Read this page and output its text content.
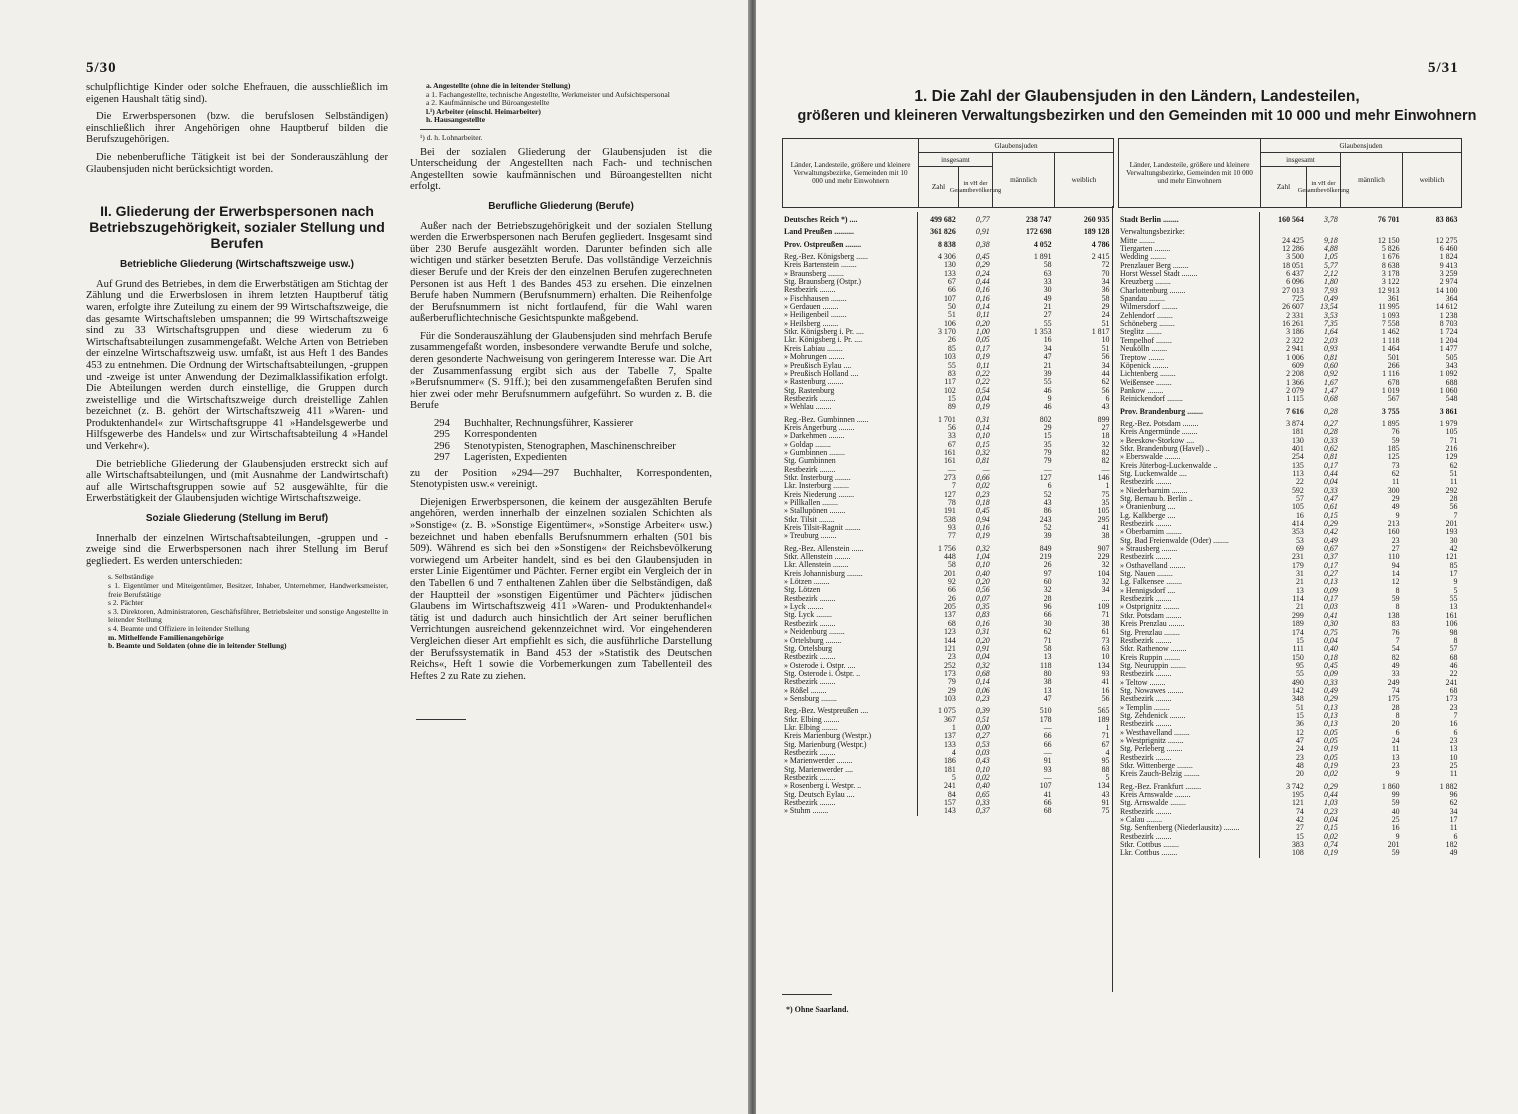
5/30

schulpflichtige Kinder oder solche Ehefrauen, die ausschließlich im eigenen Haushalt tätig sind).

Die Erwerbspersonen (bzw. die berufslosen Selbständigen) einschließlich ihrer Angehörigen ohne Hauptberuf bilden die Berufszugehörigen.

Die nebenberufliche Tätigkeit ist bei der Sonderauszählung der Glaubensjuden nicht berücksichtigt worden.

II. Gliederung der Erwerbspersonen nach Betriebszugehörigkeit, sozialer Stellung und Berufen
Betriebliche Gliederung (Wirtschaftszweige usw.)

Auf Grund des Betriebes, in dem die Erwerbstätigen am Stichtag der Zählung und die Erwerbslosen in ihrem letzten Hauptberuf tätig waren, erfolgte ihre Zuteilung zu einem der 99 Wirtschaftszweige, die das gesamte Wirtschaftsleben umspannen; die 99 Wirtschaftszweige sind zu 33 Wirtschaftsgruppen und diese wiederum zu 6 Wirtschaftsabteilungen zusammengefaßt. Welche Arten von Betrieben der einzelne Wirtschaftszweig usw. umfaßt, ist aus Heft 1 des Bandes 453 zu entnehmen. Die Ordnung der Wirtschaftsabteilungen, -gruppen und -zweige ist unter Anwendung der Dezimalklassifikation erfolgt. Die Abteilungen werden durch einstellige, die Gruppen durch zweistellige und die Wirtschaftszweige durch dreistellige Zahlen bezeichnet (z. B. gehört der Wirtschaftszweig 411 »Waren- und Produktenhandel« zur Wirtschaftsgruppe 41 »Handelsgewerbe und Hilfsgewerbe des Handels« und zur Wirtschaftsabteilung 4 »Handel und Verkehr«).

Die betriebliche Gliederung der Glaubensjuden erstreckt sich auf alle Wirtschaftsabteilungen, und (mit Ausnahme der Landwirtschaft) auf alle Wirtschaftsgruppen sowie auf 52 ausgewählte, für die Erwerbstätigkeit der Glaubensjuden wichtige Wirtschaftszweige.

Soziale Gliederung (Stellung im Beruf)

Innerhalb der einzelnen Wirtschaftsabteilungen, -gruppen und -zweige sind die Erwerbspersonen nach ihrer Stellung im Beruf gegliedert. Es werden unterschieden:

s. Selbständige
s 1. Eigentümer und Miteigentümer, Besitzer, Inhaber, Unternehmer, Handwerksmeister, freie Berufstätige
s 2. Pächter
s 3. Direktoren, Administratoren, Geschäftsführer, Betriebsleiter und sonstige Angestellte in leitender Stellung
s 4. Beamte und Offiziere in leitender Stellung
m. Mithelfende Familienangehörige
b. Beamte und Soldaten (ohne die in leitender Stellung)
a. Angestellte (ohne die in leitender Stellung)
a 1. Fachangestellte, technische Angestellte, Werkmeister und Aufsichtspersonal
a 2. Kaufmännische und Büroangestellte
l.¹) Arbeiter (einschl. Heimarbeiter)
h. Hausangestellte
¹) d. h. Lohnarbeiter.

Bei der sozialen Gliederung der Glaubensjuden ist die Unterscheidung der Angestellten nach Fach- und technischen Angestellten sowie kaufmännischen und Büroangestellten nicht erfolgt.

Berufliche Gliederung (Berufe)

Außer nach der Betriebszugehörigkeit und der sozialen Stellung werden die Erwerbspersonen nach Berufen gegliedert. Insgesamt sind über 230 Berufe ausgezählt worden. Darunter befinden sich alle wichtigen und stärker besetzten Berufe. Das vollständige Verzeichnis dieser Berufe und der Kreis der den einzelnen Berufen zugerechneten Personen ist aus Heft 1 des Bandes 453 zu ersehen. Die einzelnen Berufe haben Nummern (Berufsnummern) erhalten. Die Reihenfolge der Berufsnummern ist nicht fortlaufend, für die Wahl waren außerberuflichtechnische Gesichtspunkte maßgebend.

Für die Sonderauszählung der Glaubensjuden sind mehrfach Berufe zusammengefaßt worden, insbesondere verwandte Berufe und solche, deren gesonderte Nachweisung von geringerem Interesse war. Die Art der Zusammenfassung ergibt sich aus der Tabelle 7, Spalte »Berufsnummer« (S. 91ff.); bei den zusammengefaßten Berufen sind hier zwei oder mehr Berufsnummern aufgeführt. So wurden z. B. die Berufe

294	Buchhalter, Rechnungsführer, Kassierer
295	Korrespondenten
296	Stenotypisten, Stenographen, Maschinenschreiber
297	Lageristen, Expedienten

zu der Position »294—297 Buchhalter, Korrespondenten, Stenotypisten usw.« vereinigt.

Diejenigen Erwerbspersonen, die keinem der ausgezählten Berufe angehören, werden innerhalb der einzelnen sozialen Schichten als »Sonstige« (z. B. »Sonstige Eigentümer«, »Sonstige Arbeiter« usw.) bezeichnet und haben ebenfalls Berufsnummern erhalten (501 bis 509). Während es sich bei den »Sonstigen« der Reichsbevölkerung vorwiegend um Arbeiter handelt, sind es bei den Glaubensjuden in erster Linie Eigentümer und Pächter. Ferner ergibt ein Vergleich der in den Tabellen 6 und 7 enthaltenen Zahlen über die Selbständigen, daß der Hauptteil der »sonstigen Eigentümer und Pächter« jüdischen Glaubens im Wirtschaftszweig 411 »Waren- und Produktenhandel« tätig ist und dadurch auch hinsichtlich der Art seiner beruflichen Verrichtungen ausreichend gekennzeichnet wird. Vor eingehenderen Vergleichen dieser Art empfiehlt es sich, die ausführliche Darstellung der Berufssystematik in Band 453 der »Statistik des Deutschen Reichs«, Heft 1 sowie die Vorbemerkungen zum Tabellenteil des Heftes 2 zu Rate zu ziehen.

5/31
1. Die Zahl der Glaubensjuden in den Ländern, Landesteilen,
größeren und kleineren Verwaltungsbezirken und den Gemeinden mit 10 000 und mehr Einwohnern
Länder, Landesteile, größere und kleinere Verwaltungsbezirke, Gemeinden mit 10 000 und mehr Einwohnern
Glaubensjuden
insgesamt
Zahl	in vH der Gesamtbevölkerung
männlich	weiblich
Länder, Landesteile, größere und kleinere Verwaltungsbezirke, Gemeinden mit 10 000 und mehr Einwohnern
Glaubensjuden
insgesamt
Zahl	in vH der Gesamtbevölkerung
männlich	weiblich
Deutsches Reich *) ....	499 682	0,77	238 747	260 935
Land Preußen ..........	361 826	0,91	172 698	189 128
Prov. Ostpreußen ........	8 838	0,38	4 052	4 786
Reg.-Bez. Königsberg ......	4 306	0,45	1 891	2 415
Kreis Bartenstein ........	130	0,29	58	72
» Braunsberg ........	133	0,24	63	70
Stg. Braunsberg (Ostpr.)	67	0,44	33	34
Restbezirk ........	66	0,16	30	36
» Fischhausen ........	107	0,16	49	58
» Gerdauen ........	50	0,14	21	29
» Heiligenbeil ........	51	0,11	27	24
» Heilsberg ........	106	0,20	55	51
Stkr. Königsberg i. Pr. ....	3 170	1,00	1 353	1 817
Lkr. Königsberg i. Pr. ....	26	0,05	16	10
Kreis Labiau ........	85	0,17	34	51
» Mohrungen ........	103	0,19	47	56
» Preußisch Eylau ....	55	0,11	21	34
» Preußisch Holland ....	83	0,22	39	44
» Rastenburg ........	117	0,22	55	62
Stg. Rastenburg	102	0,54	46	56
Restbezirk ........	15	0,04	9	6
» Wehlau ........	89	0,19	46	43
Reg.-Bez. Gumbinnen ......	1 701	0,31	802	899
Kreis Angerburg ........	56	0,14	29	27
» Darkehmen ........	33	0,10	15	18
» Goldap ........	67	0,15	35	32
» Gumbinnen ........	161	0,32	79	82
Stg. Gumbinnen	161	0,81	79	82
Restbezirk ........	—	—	—	—
Stkr. Insterburg ........	273	0,66	127	146
Lkr. Insterburg ........	7	0,02	6	1
Kreis Niederung ........	127	0,23	52	75
» Pillkallen ........	78	0,18	43	35
» Stallupönen ........	191	0,45	86	105
Stkr. Tilsit ........	538	0,94	243	295
Kreis Tilsit-Ragnit ........	93	0,16	52	41
» Treuburg ........	77	0,19	39	38
Reg.-Bez. Allenstein ......	1 756	0,32	849	907
Stkr. Allenstein ........	448	1,04	219	229
Lkr. Allenstein ........	58	0,10	26	32
Kreis Johannisburg ........	201	0,40	97	104
» Lötzen ........	92	0,20	60	32
Stg. Lötzen	66	0,56	32	34
Restbezirk ........	26	0,07	28	....
» Lyck ........	205	0,35	96	109
Stg. Lyck ........	137	0,83	66	71
Restbezirk ........	68	0,16	30	38
» Neidenburg ........	123	0,31	62	61
» Ortelsburg ........	144	0,20	71	73
Stg. Ortelsburg	121	0,91	58	63
Restbezirk ........	23	0,04	13	10
» Osterode i. Ostpr. ....	252	0,32	118	134
Stg. Osterode i. Ostpr. ..	173	0,68	80	93
Restbezirk ........	79	0,14	38	41
» Rößel ........	29	0,06	13	16
» Sensburg ........	103	0,23	47	56
Reg.-Bez. Westpreußen ....	1 075	0,39	510	565
Stkr. Elbing ........	367	0,51	178	189
Lkr. Elbing ........	1	0,00	—	1
Kreis Marienburg (Westpr.)	137	0,27	66	71
Stg. Marienburg (Westpr.)	133	0,53	66	67
Restbezirk ........	4	0,03	—	4
» Marienwerder ........	186	0,43	91	95
Stg. Marienwerder ....	181	0,10	93	88
Restbezirk ........	5	0,02	—	5
» Rosenberg i. Westpr. ..	241	0,40	107	134
Stg. Deutsch Eylau ....	84	0,65	41	43
Restbezirk ........	157	0,33	66	91
» Stuhm ........	143	0,37	68	75
Stadt Berlin ........	160 564	3,78	76 701	83 863
Verwaltungsbezirke:				
Mitte ........	24 425	9,18	12 150	12 275
Tiergarten ........	12 286	4,88	5 826	6 460
Wedding ........	3 500	1,05	1 676	1 824
Prenzlauer Berg ........	18 051	5,77	8 638	9 413
Horst Wessel Stadt ........	6 437	2,12	3 178	3 259
Kreuzberg ........	6 096	1,80	3 122	2 974
Charlottenburg ........	27 013	7,93	12 913	14 100
Spandau ........	725	0,49	361	364
Wilmersdorf ........	26 607	13,54	11 995	14 612
Zehlendorf ........	2 331	3,53	1 093	1 238
Schöneberg ........	16 261	7,35	7 558	8 703
Steglitz ........	3 186	1,64	1 462	1 724
Tempelhof ........	2 322	2,03	1 118	1 204
Neukölln ........	2 941	0,93	1 464	1 477
Treptow ........	1 006	0,81	501	505
Köpenick ........	609	0,60	266	343
Lichtenberg ........	2 208	0,92	1 116	1 092
Weißensee ........	1 366	1,67	678	688
Pankow ........	2 079	1,47	1 019	1 060
Reinickendorf ........	1 115	0,68	567	548
Prov. Brandenburg ........	7 616	0,28	3 755	3 861
Reg.-Bez. Potsdam ........	3 874	0,27	1 895	1 979
Kreis Angermünde ........	181	0,28	76	105
» Beeskow-Storkow ....	130	0,33	59	71
Stkr. Brandenburg (Havel) ..	401	0,62	185	216
» Eberswalde ........	254	0,81	125	129
Kreis Jüterbog-Luckenwalde ..	135	0,17	73	62
Stg. Luckenwalde ....	113	0,44	62	51
Restbezirk ........	22	0,04	11	11
» Niederbarnim ........	592	0,33	300	292
Stg. Bernau b. Berlin ..	57	0,47	29	28
» Oranienburg ....	105	0,61	49	56
Lg. Kalkberge ....	16	0,15	9	7
Restbezirk ........	414	0,29	213	201
» Oberbarnim ........	353	0,42	160	193
Stg. Bad Freienwalde (Oder) ........	53	0,49	23	30
» Strausberg ........	69	0,67	27	42
Restbezirk ........	231	0,37	110	121
» Osthavelland ........	179	0,17	94	85
Stg. Nauen ........	31	0,27	14	17
Lg. Falkensee ........	21	0,13	12	9
» Hennigsdorf ....	13	0,09	8	5
Restbezirk ........	114	0,17	59	55
» Ostprignitz ........	21	0,03	8	13
Stkr. Potsdam ........	299	0,41	138	161
Kreis Prenzlau ........	189	0,30	83	106
Stg. Prenzlau ........	174	0,75	76	98
Restbezirk ........	15	0,04	7	8
Stkr. Rathenow ........	111	0,40	54	57
Kreis Ruppin ........	150	0,18	82	68
Stg. Neuruppin ........	95	0,45	49	46
Restbezirk ........	55	0,09	33	22
» Teltow ........	490	0,33	249	241
Stg. Nowawes ........	142	0,49	74	68
Restbezirk ........	348	0,29	175	173
» Templin ........	51	0,13	28	23
Stg. Zehdenick ........	15	0,13	8	7
Restbezirk ........	36	0,13	20	16
» Westhavelland ........	12	0,05	6	6
» Westprignitz ........	47	0,05	24	23
Stg. Perleberg ........	24	0,19	11	13
Restbezirk ........	23	0,05	13	10
Stkr. Wittenberge ........	48	0,19	23	25
Kreis Zauch-Belzig ........	20	0,02	9	11
Reg.-Bez. Frankfurt ........	3 742	0,29	1 860	1 882
Kreis Arnswalde ........	195	0,44	99	96
Stg. Arnswalde ........	121	1,03	59	62
Restbezirk ........	74	0,23	40	34
» Calau ........	42	0,04	25	17
Stg. Senftenberg (Niederlausitz) ........	27	0,15	16	11
Restbezirk ........	15	0,02	9	6
Stkr. Cottbus ........	383	0,74	201	182
Lkr. Cottbus ........	108	0,19	59	49
*) Ohne Saarland.
